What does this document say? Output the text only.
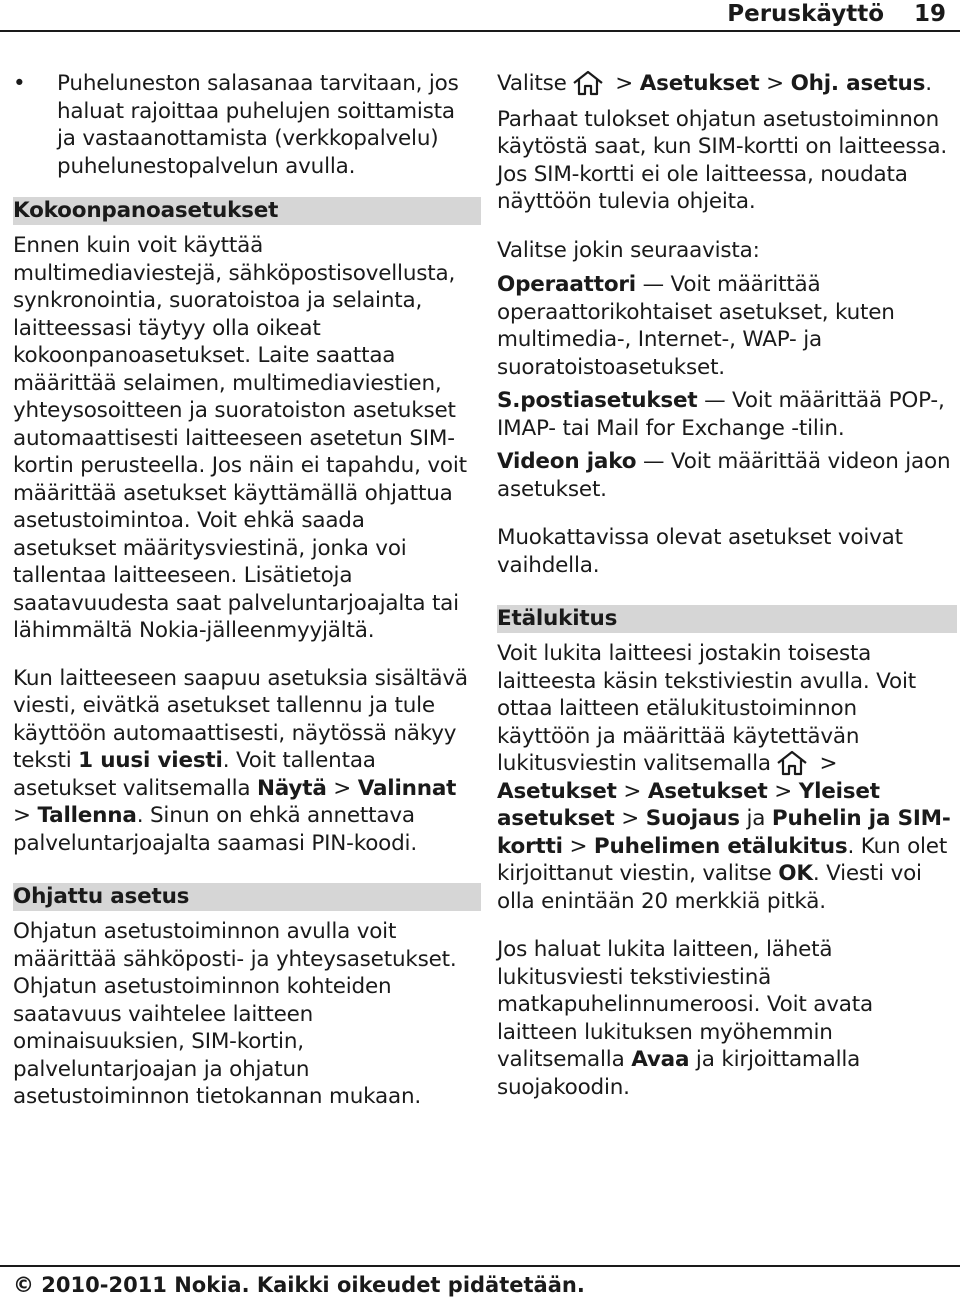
Peruskäyttö 19
• Puheluneston salasanaa tarvitaan, jos haluat rajoittaa puhelujen soittamista ja vastaanottamista (verkkopalvelu) puhelunestopalvelun avulla.
Kokoonpanoasetukset

Ennen kuin voit käyttää multimediaviestejä, sähköpostisovellusta, synkronointia, suoratoistoa ja selainta, laitteessasi täytyy olla oikeat kokoonpanoasetukset. Laite saattaa määrittää selaimen, multimediaviestien, yhteysosoitteen ja suoratoiston asetukset automaattisesti laitteeseen asetetun SIM-kortin perusteella. Jos näin ei tapahdu, voit määrittää asetukset käyttämällä ohjattua asetustoimintoa. Voit ehkä saada asetukset määritysviestinä, jonka voi tallentaa laitteeseen. Lisätietoja saatavuudesta saat palveluntarjoajalta tai lähimmältä Nokia-jälleenmyyjältä.

Kun laitteeseen saapuu asetuksia sisältävä viesti, eivätkä asetukset tallennu ja tule käyttöön automaattisesti, näytössä näkyy teksti 1 uusi viesti. Voit tallentaa asetukset valitsemalla Näytä > Valinnat > Tallenna. Sinun on ehkä annettava palveluntarjoajalta saamasi PIN-koodi.

Ohjattu asetus

Ohjatun asetustoiminnon avulla voit määrittää sähköposti- ja yhteysasetukset. Ohjatun asetustoiminnon kohteiden saatavuus vaihtelee laitteen ominaisuuksien, SIM-kortin, palveluntarjoajan ja ohjatun asetustoiminnon tietokannan mukaan.

Valitse > Asetukset > Ohj. asetus.

Parhaat tulokset ohjatun asetustoiminnon käytöstä saat, kun SIM-kortti on laitteessa. Jos SIM-kortti ei ole laitteessa, noudata näyttöön tulevia ohjeita.

Valitse jokin seuraavista:

Operaattori — Voit määrittää operaattorikohtaiset asetukset, kuten multimedia-, Internet-, WAP- ja suoratoistoasetukset.

S.postiasetukset — Voit määrittää POP-, IMAP- tai Mail for Exchange -tilin.

Videon jako — Voit määrittää videon jaon asetukset.

Muokattavissa olevat asetukset voivat vaihdella.

Etälukitus

Voit lukita laitteesi jostakin toisesta laitteesta käsin tekstiviestin avulla. Voit ottaa laitteen etälukitustoiminnon käyttöön ja määrittää käytettävän lukitusviestin valitsemalla > Asetukset > Asetukset > Yleiset asetukset > Suojaus ja Puhelin ja SIM-kortti > Puhelimen etälukitus. Kun olet kirjoittanut viestin, valitse OK. Viesti voi olla enintään 20 merkkiä pitkä.

Jos haluat lukita laitteen, lähetä lukitusviesti tekstiviestinä matkapuhelinnumeroosi. Voit avata laitteen lukituksen myöhemmin valitsemalla Avaa ja kirjoittamalla suojakoodin.

© 2010-2011 Nokia. Kaikki oikeudet pidätetään.
